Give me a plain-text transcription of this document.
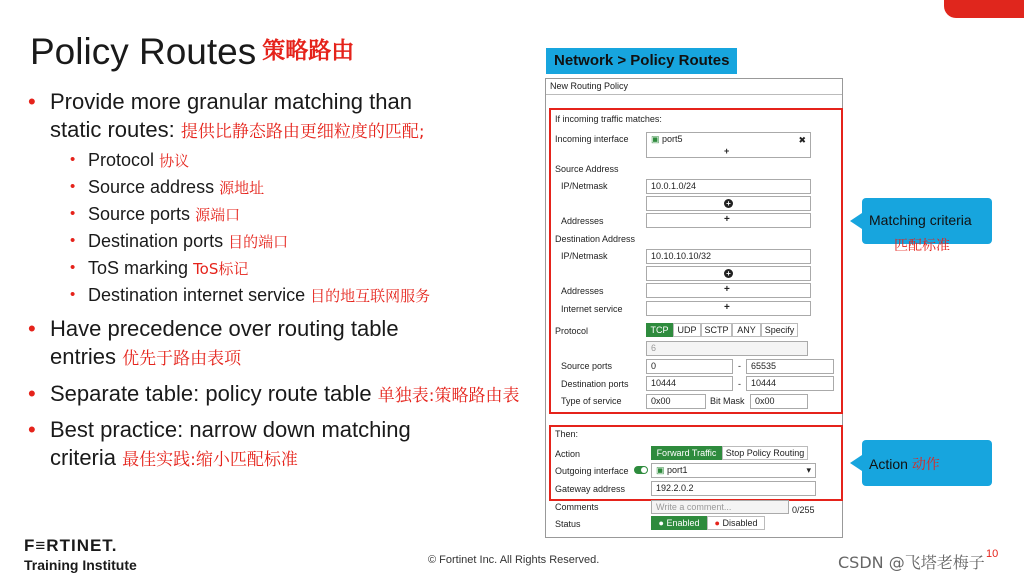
Policy Routes 策略路由
• Provide more granular matching than
static routes: 提供比静态路由更细粒度的匹配;
• Protocol 协议
• Source address 源地址
• Source ports 源端口
• Destination ports 目的端口
• ToS marking ToS标记
• Destination internet service 目的地互联网服务
• Have precedence over routing table
entries 优先于路由表项
• Separate table: policy route table 单独表:策略路由表
• Best practice: narrow down matching
criteria 最佳实践:缩小匹配标准
F≡RTINET.
Training Institute	© Fortinet Inc. All Rights Reserved.	10
CSDN @飞塔老梅子
Network > Policy Routes
New Routing Policy
If incoming traffic matches:
Incoming interface	▣ port5	✖
+
Source Address
IP/Netmask	10.0.1.0/24
+
Addresses	+
Destination Address
IP/Netmask	10.10.10.10/32
+
Addresses	+
Internet service	+
Protocol	TCP UDP SCTP ANY Specify
6
Source ports	0	-	65535
Destination ports	10444	-	10444
Type of service	0x00	Bit Mask	0x00
Then:
Action	Forward Traffic	Stop Policy Routing
Outgoing interface	▣ port1	▾
Gateway address	192.2.0.2
Comments	Write a comment...	0/255
Status	● Enabled	● Disabled
Matching criteria
匹配标准
Action 动作
